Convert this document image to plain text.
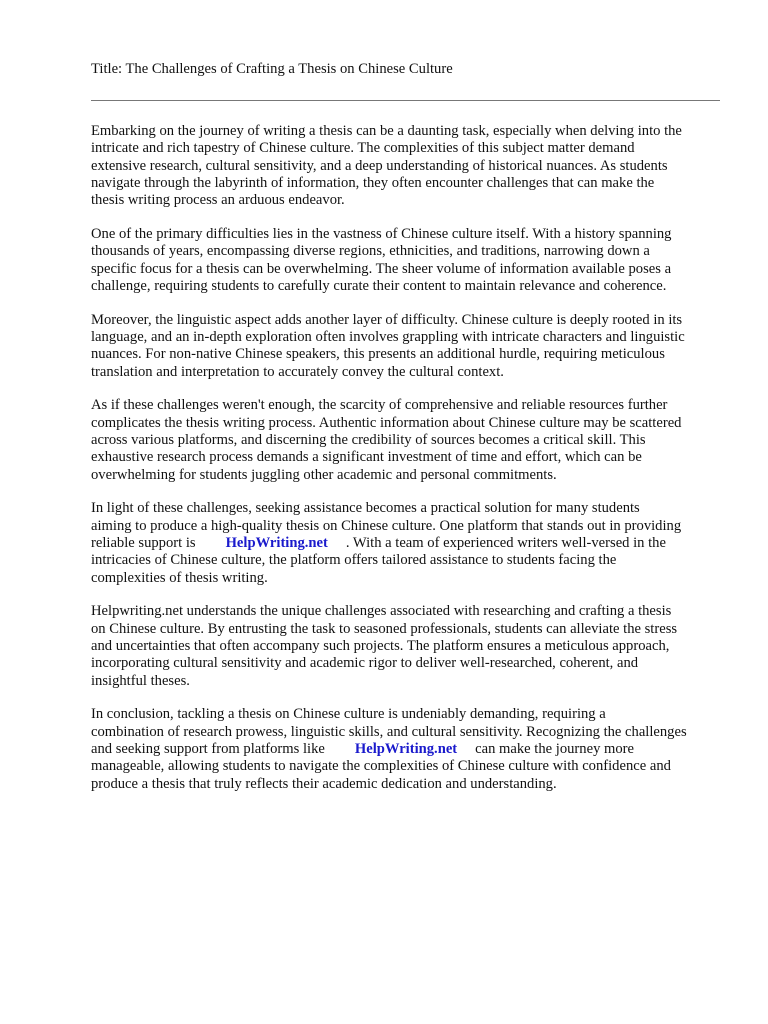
Title: The Challenges of Crafting a Thesis on Chinese Culture
Embarking on the journey of writing a thesis can be a daunting task, especially when delving into the
intricate and rich tapestry of Chinese culture. The complexities of this subject matter demand
extensive research, cultural sensitivity, and a deep understanding of historical nuances. As students
navigate through the labyrinth of information, they often encounter challenges that can make the
thesis writing process an arduous endeavor.
One of the primary difficulties lies in the vastness of Chinese culture itself. With a history spanning
thousands of years, encompassing diverse regions, ethnicities, and traditions, narrowing down a
specific focus for a thesis can be overwhelming. The sheer volume of information available poses a
challenge, requiring students to carefully curate their content to maintain relevance and coherence.
Moreover, the linguistic aspect adds another layer of difficulty. Chinese culture is deeply rooted in its
language, and an in-depth exploration often involves grappling with intricate characters and linguistic
nuances. For non-native Chinese speakers, this presents an additional hurdle, requiring meticulous
translation and interpretation to accurately convey the cultural context.
As if these challenges weren't enough, the scarcity of comprehensive and reliable resources further
complicates the thesis writing process. Authentic information about Chinese culture may be scattered
across various platforms, and discerning the credibility of sources becomes a critical skill. This
exhaustive research process demands a significant investment of time and effort, which can be
overwhelming for students juggling other academic and personal commitments.
In light of these challenges, seeking assistance becomes a practical solution for many students
aiming to produce a high-quality thesis on Chinese culture. One platform that stands out in providing
reliable support is HelpWriting.net . With a team of experienced writers well-versed in the
intricacies of Chinese culture, the platform offers tailored assistance to students facing the
complexities of thesis writing.
Helpwriting.net understands the unique challenges associated with researching and crafting a thesis
on Chinese culture. By entrusting the task to seasoned professionals, students can alleviate the stress
and uncertainties that often accompany such projects. The platform ensures a meticulous approach,
incorporating cultural sensitivity and academic rigor to deliver well-researched, coherent, and
insightful theses.
In conclusion, tackling a thesis on Chinese culture is undeniably demanding, requiring a
combination of research prowess, linguistic skills, and cultural sensitivity. Recognizing the challenges
and seeking support from platforms like HelpWriting.net can make the journey more
manageable, allowing students to navigate the complexities of Chinese culture with confidence and
produce a thesis that truly reflects their academic dedication and understanding.
